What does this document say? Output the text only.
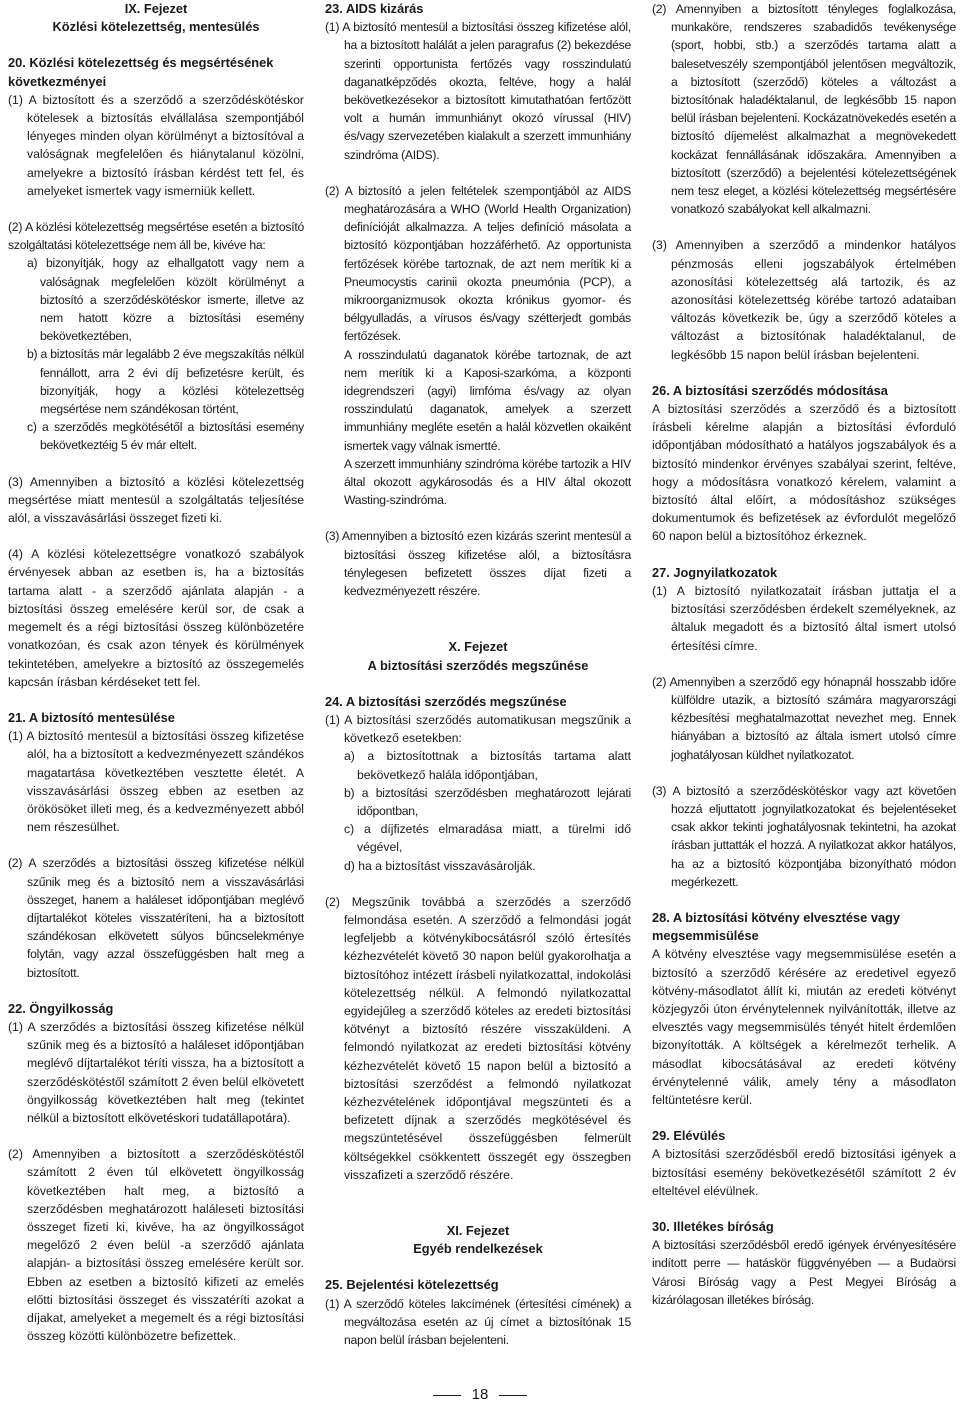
IX. Fejezet
Közlési kötelezettség, mentesülés
20. Közlési kötelezettség és megsértésének következményei
(1) A biztosított és a szerződő a szerződéskötéskor kötelesek a biztosítás elvállalása szempontjából lényeges minden olyan körülményt a biztosítóval a valóságnak megfelelően és hiánytalanul közölni, amelyekre a biztosító írásban kérdést tett fel, és amelyeket ismertek vagy ismerniük kellett.
(2) A közlési kötelezettség megsértése esetén a biztosító szolgáltatási kötelezettsége nem áll be, kivéve ha:
a) bizonyítják, hogy az elhallgatott vagy nem a valóságnak megfelelően közölt körülményt a biztosító a szerződéskötéskor ismerte, illetve az nem hatott közre a biztosítási esemény bekövetkeztében,
b) a biztosítás már legalább 2 éve megszakítás nélkül fennállott, arra 2 évi díj befizetésre került, és bizonyítják, hogy a közlési kötelezettség megsértése nem szándékosan történt,
c) a szerződés megkötésétől a biztosítási esemény bekövetkeztéig 5 év már eltelt.
(3) Amennyiben a biztosító a közlési kötelezettség megsértése miatt mentesül a szolgáltatás teljesítése alól, a visszavásárlási összeget fizeti ki.
(4) A közlési kötelezettségre vonatkozó szabályok érvényesek abban az esetben is, ha a biztosítás tartama alatt - a szerződő ajánlata alapján - a biztosítási összeg emelésére kerül sor, de csak a megemelt és a régi biztosítási összeg különbözetére vonatkozóan, és csak azon tények és körülmények tekintetében, amelyekre a biztosító az összegemelés kapcsán írásban kérdéseket tett fel.
21. A biztosító mentesülése
(1) A biztosító mentesül a biztosítási összeg kifizetése alól, ha a biztosított a kedvezményezett szándékos magatartása következtében vesztette életét. A visszavásárlási összeg ebben az esetben az örökösöket illeti meg, és a kedvezményezett abból nem részesülhet.
(2) A szerződés a biztosítási összeg kifizetése nélkül szűnik meg és a biztosító nem a visszavásárlási összeget, hanem a haláleset időpontjában meglévő díjtartalékot köteles visszatéríteni, ha a biztosított szándékosan elkövetett súlyos bűncselekménye folytán, vagy azzal összefüggésben halt meg a biztosított.
22. Öngyilkosság
(1) A szerződés a biztosítási összeg kifizetése nélkül szűnik meg és a biztosító a haláleset időpontjában meglévő díjtartalékot téríti vissza, ha a biztosított a szerződéskötéstől számított 2 éven belül elkövetett öngyilkosság következtében halt meg (tekintet nélkül a biztosított elkövetéskori tudatállapotára).
(2) Amennyiben a biztosított a szerződéskötéstől számított 2 éven túl elkövetett öngyilkosság következtében halt meg, a biztosító a szerződésben meghatározott haláleseti biztosítási összeget fizeti ki, kivéve, ha az öngyilkosságot megelőző 2 éven belül -a szerződő ajánlata alapján- a biztosítási összeg emelésére került sor. Ebben az esetben a biztosító kifizeti az emelés előtti biztosítási összeget és visszatéríti azokat a díjakat, amelyeket a megemelt és a régi biztosítási összeg közötti különbözetre befizettek.
23. AIDS kizárás
(1) A biztosító mentesül a biztosítási összeg kifizetése alól, ha a biztosított halálát a jelen paragrafus (2) bekezdése szerinti opportunista fertőzés vagy rosszindulatú daganatképződés okozta, feltéve, hogy a halál bekövetkezésekor a biztosított kimutathatóan fertőzött volt a humán immunhiányt okozó vírussal (HIV) és/vagy szervezetében kialakult a szerzett immunhiány szindróma (AIDS).
(2) A biztosító a jelen feltételek szempontjából az AIDS meghatározására a WHO (World Health Organization) definícióját alkalmazza. A teljes definíció másolata a biztosító központjában hozzáférhető. Az opportunista fertőzések körébe tartoznak, de azt nem merítik ki a Pneumocystis carinii okozta pneumónia (PCP), a mikroorganizmusok okozta krónikus gyomor- és bélgyulladás, a vírusos és/vagy szétterjedt gombás fertőzések.
A rosszindulatú daganatok körébe tartoznak, de azt nem merítik ki a Kaposi-szarkóma, a központi idegrendszeri (agyi) limfóma és/vagy az olyan rosszindulatú daganatok, amelyek a szerzett immunhiány megléte esetén a halál közvetlen okaiként ismertek vagy válnak ismertté.
A szerzett immunhiány szindróma körébe tartozik a HIV által okozott agykárosodás és a HIV által okozott Wasting-szindróma.
(3) Amennyiben a biztosító ezen kizárás szerint mentesül a biztosítási összeg kifizetése alól, a biztosításra ténylegesen befizetett összes díjat fizeti a kedvezményezett részére.
X. Fejezet
A biztosítási szerződés megszűnése
24. A biztosítási szerződés megszűnése
(1) A biztosítási szerződés automatikusan megszűnik a következő esetekben:
a) a biztosítottnak a biztosítás tartama alatt bekövetkező halála időpontjában,
b) a biztosítási szerződésben meghatározott lejárati időpontban,
c) a díjfizetés elmaradása miatt, a türelmi idő végével,
d) ha a biztosítást visszavásárolják.
(2) Megszűnik továbbá a szerződés a szerződő felmondása esetén. A szerződő a felmondási jogát legfeljebb a kötvénykibocsátásról szóló értesítés kézhezvételét követő 30 napon belül gyakorolhatja a biztosítóhoz intézett írásbeli nyilatkozattal, indokolási kötelezettség nélkül. A felmondó nyilatkozattal egyidejűleg a szerződő köteles az eredeti biztosítási kötvényt a biztosító részére visszaküldeni. A felmondó nyilatkozat az eredeti biztosítási kötvény kézhezvételét követő 15 napon belül a biztosító a biztosítási szerződést a felmondó nyilatkozat kézhezvételének időpontjával megszünteti és a befizetett díjnak a szerződés megkötésével és megszüntetésével összefüggésben felmerült költségekkel csökkentett összegét egy összegben visszafizeti a szerződő részére.
XI. Fejezet
Egyéb rendelkezések
25. Bejelentési kötelezettség
(1) A szerződő köteles lakcímének (értesítési címének) a megváltozása esetén az új címet a biztosítónak 15 napon belül írásban bejelenteni.
(2) Amennyiben a biztosított tényleges foglalkozása, munkaköre, rendszeres szabadidős tevékenysége (sport, hobbi, stb.) a szerződés tartama alatt a balesetveszély szempontjából jelentősen megváltozik, a biztosított (szerződő) köteles a változást a biztosítónak haladéktalanul, de legkésőbb 15 napon belül írásban bejelenteni. Kockázatnövekedés esetén a biztosító díjemelést alkalmazhat a megnövekedett kockázat fennállásának időszakára. Amennyiben a biztosított (szerződő) a bejelentési kötelezettségének nem tesz eleget, a közlési kötelezettség megsértésére vonatkozó szabályokat kell alkalmazni.
(3) Amennyiben a szerződő a mindenkor hatályos pénzmosás elleni jogszabályok értelmében azonosítási kötelezettség alá tartozik, és az azonosítási kötelezettség körébe tartozó adataiban változás következik be, úgy a szerződő köteles a változást a biztosítónak haladéktalanul, de legkésőbb 15 napon belül írásban bejelenteni.
26. A biztosítási szerződés módosítása
A biztosítási szerződés a szerződő és a biztosított írásbeli kérelme alapján a biztosítási évforduló időpontjában módosítható a hatályos jogszabályok és a biztosító mindenkor érvényes szabályai szerint, feltéve, hogy a módosításra vonatkozó kérelem, valamint a biztosító által előírt, a módosításhoz szükséges dokumentumok és befizetések az évfordulót megelőző 60 napon belül a biztosítóhoz érkeznek.
27. Jognyilatkozatok
(1) A biztosító nyilatkozatait írásban juttatja el a biztosítási szerződésben érdekelt személyeknek, az általuk megadott és a biztosító által ismert utolsó értesítési címre.
(2) Amennyiben a szerződő egy hónapnál hosszabb időre külföldre utazik, a biztosító számára magyarországi kézbesítési meghatalmazottat nevezhet meg. Ennek hiányában a biztosító az általa ismert utolsó címre joghatályosan küldhet nyilatkozatot.
(3) A biztosító a szerződéskötéskor vagy azt követően hozzá eljuttatott jognyilatkozatokat és bejelentéseket csak akkor tekinti joghatályosnak tekintetni, ha azokat írásban juttatták el hozzá. A nyilatkozat akkor hatályos, ha az a biztosító központjába bizonyítható módon megérkezett.
28. A biztosítási kötvény elvesztése vagy megsemmisülése
A kötvény elvesztése vagy megsemmisülése esetén a biztosító a szerződő kérésére az eredetivel egyező kötvény-másodlatot állít ki, miután az eredeti kötvényt közjegyzői úton érvénytelennek nyilvánították, illetve az elvesztés vagy megsemmisülés tényét hitelt érdemlően bizonyították. A költségek a kérelmezőt terhelik. A másodlat kibocsátásával az eredeti kötvény érvénytelenné válik, amely tény a másodlaton feltüntetésre kerül.
29. Elévülés
A biztosítási szerződésből eredő biztosítási igények a biztosítási esemény bekövetkezésétől számított 2 év elteltével elévülnek.
30. Illetékes bíróság
A biztosítási szerződésből eredő igények érvényesítésére indított perre — hatáskör függvényében — a Budaörsi Városi Bíróság vagy a Pest Megyei Bíróság a kizárólagosan illetékes bíróság.
18
